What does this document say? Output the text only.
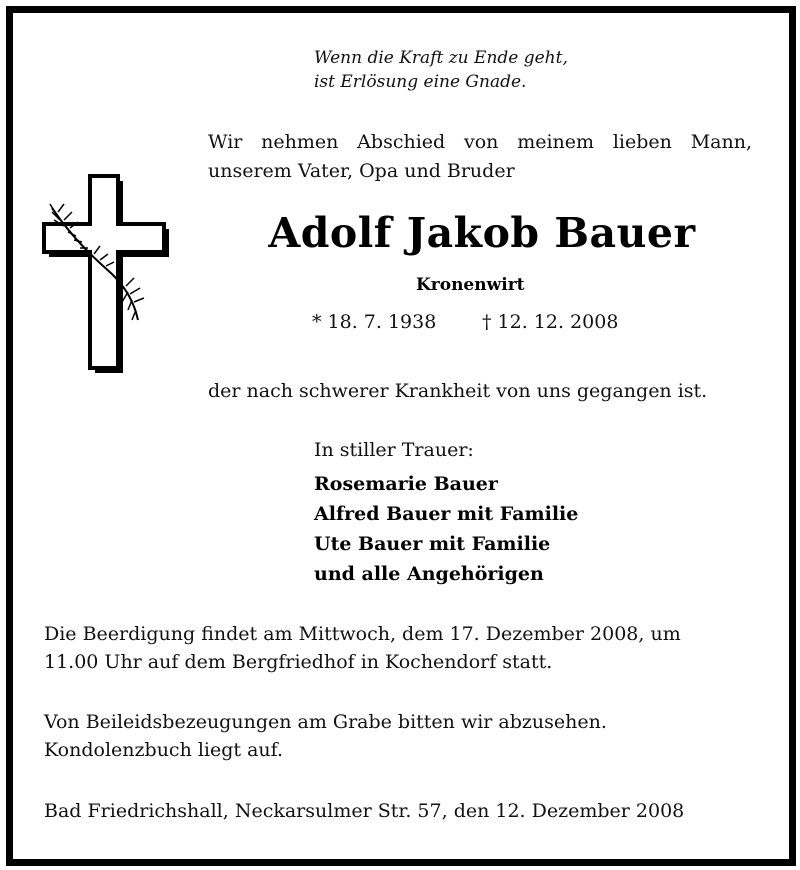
Wenn die Kraft zu Ende geht,
ist Erlösung eine Gnade.
Wir nehmen Abschied von meinem lieben Mann,
unserem Vater, Opa und Bruder
Adolf Jakob Bauer
Kronenwirt
* 18. 7. 1938 † 12. 12. 2008
der nach schwerer Krankheit von uns gegangen ist.
In stiller Trauer:
Rosemarie Bauer
Alfred Bauer mit Familie
Ute Bauer mit Familie
und alle Angehörigen
Die Beerdigung findet am Mittwoch, dem 17. Dezember 2008, um
11.00 Uhr auf dem Bergfriedhof in Kochendorf statt.
Von Beileidsbezeugungen am Grabe bitten wir abzusehen.
Kondolenzbuch liegt auf.
Bad Friedrichshall, Neckarsulmer Str. 57, den 12. Dezember 2008
